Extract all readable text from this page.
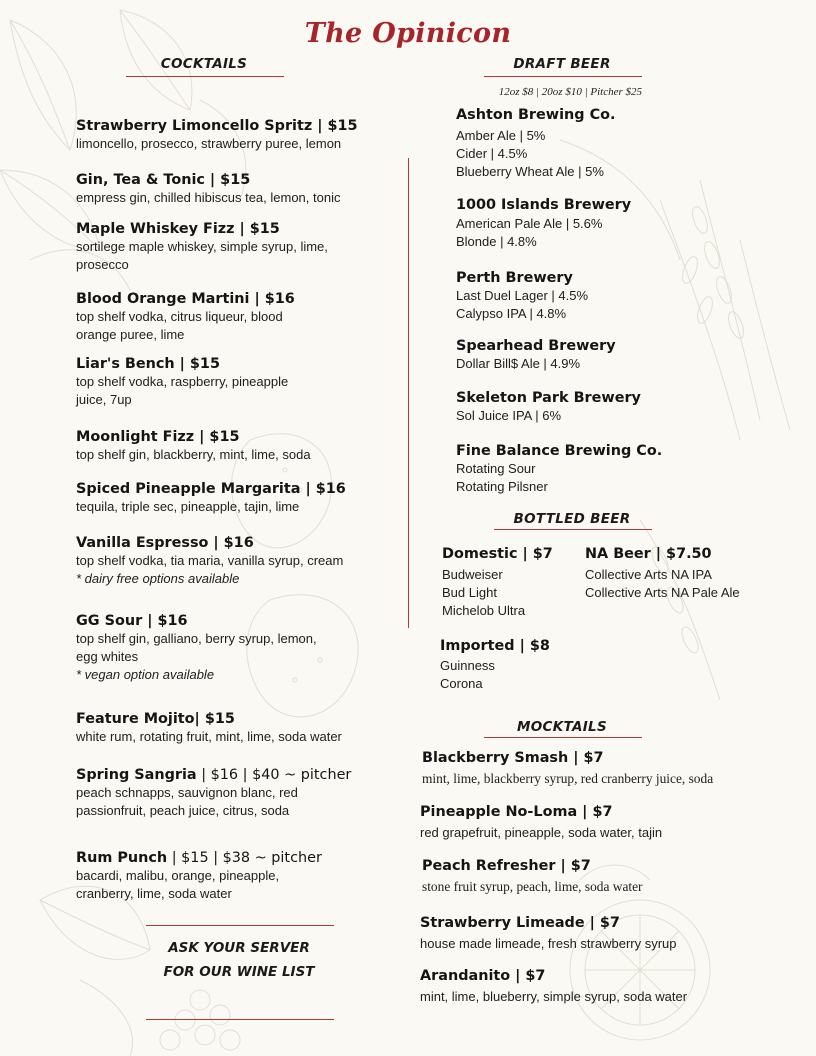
The Opinicon
COCKTAILS
Strawberry Limoncello Spritz | $15
limoncello, prosecco, strawberry puree, lemon
Gin, Tea & Tonic | $15
empress gin, chilled hibiscus tea, lemon, tonic
Maple Whiskey Fizz | $15
sortilege maple whiskey, simple syrup, lime,
prosecco
Blood Orange Martini | $16
top shelf vodka, citrus liqueur, blood
orange puree, lime
Liar's Bench | $15
top shelf vodka, raspberry, pineapple
juice, 7up
Moonlight Fizz | $15
top shelf gin, blackberry, mint, lime, soda
Spiced Pineapple Margarita | $16
tequila, triple sec, pineapple, tajin, lime
Vanilla Espresso | $16
top shelf vodka, tia maria, vanilla syrup, cream
* dairy free options available
GG Sour | $16
top shelf gin, galliano, berry syrup, lemon,
egg whites
* vegan option available
Feature Mojito| $15
white rum, rotating fruit, mint, lime, soda water
Spring Sangria | $16 | $40 ~ pitcher
peach schnapps, sauvignon blanc, red
passionfruit, peach juice, citrus, soda
Rum Punch | $15 | $38 ~ pitcher
bacardi, malibu, orange, pineapple,
cranberry, lime, soda water
ASK YOUR SERVER
FOR OUR WINE LIST
DRAFT BEER
12oz $8 | 20oz $10 | Pitcher $25
Ashton Brewing Co.
Amber Ale | 5%
Cider | 4.5%
Blueberry Wheat Ale | 5%
1000 Islands Brewery
American Pale Ale | 5.6%
Blonde | 4.8%
Perth Brewery
Last Duel Lager | 4.5%
Calypso IPA | 4.8%
Spearhead Brewery
Dollar Bill$ Ale | 4.9%
Skeleton Park Brewery
Sol Juice IPA | 6%
Fine Balance Brewing Co.
Rotating Sour
Rotating Pilsner
BOTTLED BEER
Domestic | $7
Budweiser
Bud Light
Michelob Ultra
NA Beer | $7.50
Collective Arts NA IPA
Collective Arts NA Pale Ale
Imported | $8
Guinness
Corona
MOCKTAILS
Blackberry Smash | $7
mint, lime, blackberry syrup, red cranberry juice, soda
Pineapple No-Loma | $7
red grapefruit, pineapple, soda water, tajin
Peach Refresher | $7
stone fruit syrup, peach, lime, soda water
Strawberry Limeade | $7
house made limeade, fresh strawberry syrup
Arandanito | $7
mint, lime, blueberry, simple syrup, soda water
